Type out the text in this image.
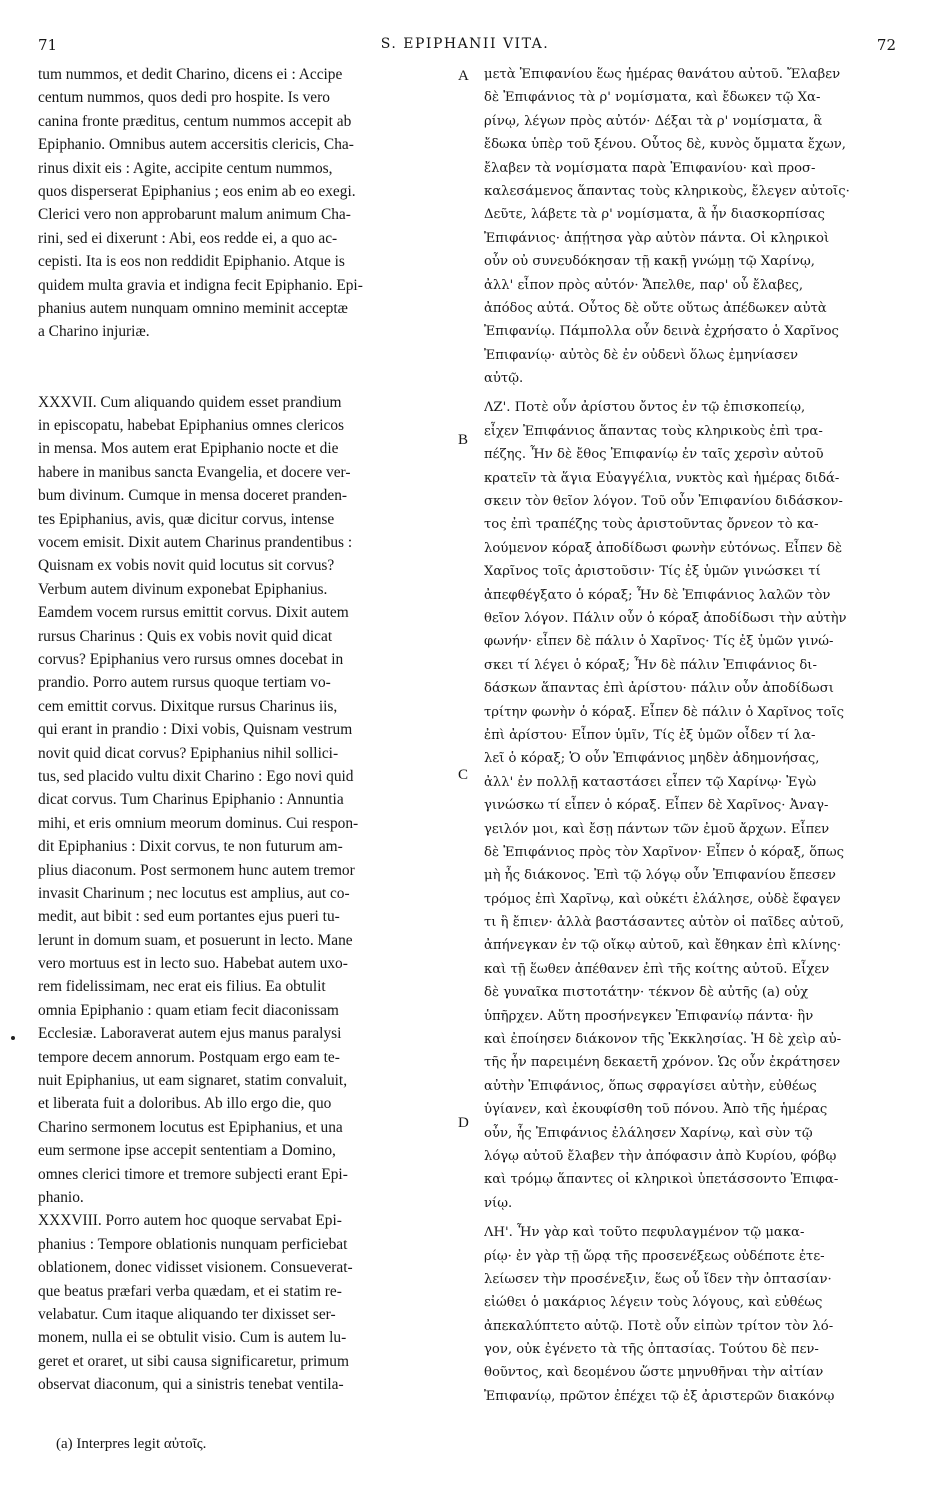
71	S. EPIPHANII VITA.	72
tum nummos, et dedit Charino, dicens ei : Accipe
centum nummos, quos dedi pro hospite. Is vero
canina fronte præditus, centum nummos accepit ab
Epiphanio. Omnibus autem accersitis clericis, Cha-
rinus dixit eis : Agite, accipite centum nummos,
quos disperserat Epiphanius ; eos enim ab eo exegi.
Clerici vero non approbarunt malum animum Cha-
rini, sed ei dixerunt : Abi, eos redde ei, a quo ac-
cepisti. Ita is eos non reddidit Epiphanio. Atque is
quidem multa gravia et indigna fecit Epiphanio. Epi-
phanius autem nunquam omnino meminit acceptæ
a Charino injuriæ.
XXXVII. Cum aliquando quidem esset prandium
in episcopatu, habebat Epiphanius omnes clericos
in mensa. Mos autem erat Epiphanio nocte et die
habere in manibus sancta Evangelia, et docere ver-
bum divinum. Cumque in mensa doceret pranden-
tes Epiphanius, avis, quæ dicitur corvus, intense
vocem emisit. Dixit autem Charinus prandentibus :
Quisnam ex vobis novit quid locutus sit corvus?
Verbum autem divinum exponebat Epiphanius.
Eamdem vocem rursus emittit corvus. Dixit autem
rursus Charinus : Quis ex vobis novit quid dicat
corvus? Epiphanius vero rursus omnes docebat in
prandio. Porro autem rursus quoque tertiam vo-
cem emittit corvus. Dixitque rursus Charinus iis,
qui erant in prandio : Dixi vobis, Quisnam vestrum
novit quid dicat corvus? Epiphanius nihil sollici-
tus, sed placido vultu dixit Charino : Ego novi quid
dicat corvus. Tum Charinus Epiphanio : Annuntia
mihi, et eris omnium meorum dominus. Cui respon-
dit Epiphanius : Dixit corvus, te non futurum am-
plius diaconum. Post sermonem hunc autem tremor
invasit Charinum ; nec locutus est amplius, aut co-
medit, aut bibit : sed eum portantes ejus pueri tu-
lerunt in domum suam, et posuerunt in lecto. Mane
vero mortuus est in lecto suo. Habebat autem uxo-
rem fidelissimam, nec erat eis filius. Ea obtulit
omnia Epiphanio : quam etiam fecit diaconissam
Ecclesiæ. Laboraverat autem ejus manus paralysi
tempore decem annorum. Postquam ergo eam te-
nuit Epiphanius, ut eam signaret, statim convaluit,
et liberata fuit a doloribus. Ab illo ergo die, quo
Charino sermonem locutus est Epiphanius, et una
eum sermone ipse accepit sententiam a Domino,
omnes clerici timore et tremore subjecti erant Epi-
phanio.
XXXVIII. Porro autem hoc quoque servabat Epi-
phanius : Tempore oblationis nunquam perficiebat
oblationem, donec vidisset visionem. Consueverat-
que beatus præfari verba quædam, et ei statim re-
velabatur. Cum itaque aliquando ter dixisset ser-
monem, nulla ei se obtulit visio. Cum is autem lu-
geret et oraret, ut sibi causa significaretur, primum
observat diaconum, qui a sinistris tenebat ventila-
μετὰ Ἐπιφανίου ἕως ἡμέρας θανάτου αὐτοῦ. Ἔλαβεν
δὲ Ἐπιφάνιος τὰ ρ' νομίσματα, καὶ ἔδωκεν τῷ Χα-
ρίνῳ, λέγων πρὸς αὐτόν· Δέξαι τὰ ρ' νομίσματα, ἃ
ἔδωκα ὑπὲρ τοῦ ξένου. Οὗτος δὲ, κυνὸς ὄμματα ἔχων,
ἔλαβεν τὰ νομίσματα παρὰ Ἐπιφανίου· καὶ προσ-
καλεσάμενος ἅπαντας τοὺς κληρικοὺς, ἔλεγεν αὐτοῖς·
Δεῦτε, λάβετε τὰ ρ' νομίσματα, ἃ ἦν διασκορπίσας
Ἐπιφάνιος· ἀπῄτησα γὰρ αὐτὸν πάντα. Οἱ κληρικοὶ
οὖν οὐ συνευδόκησαν τῇ κακῇ γνώμῃ τῷ Χαρίνῳ,
ἀλλ' εἶπον πρὸς αὐτόν· Ἄπελθε, παρ' οὗ ἔλαβες,
ἀπόδος αὐτά. Οὗτος δὲ οὔτε οὕτως ἀπέδωκεν αὐτὰ
Ἐπιφανίῳ. Πάμπολλα οὖν δεινὰ ἐχρήσατο ὁ Χαρῖνος
Ἐπιφανίῳ· αὐτὸς δὲ ἐν οὐδενὶ ὅλως ἐμηνίασεν
αὐτῷ.
ΛΖ'. Ποτὲ οὖν ἀρίστου ὄντος ἐν τῷ ἐπισκοπείῳ,
εἶχεν Ἐπιφάνιος ἅπαντας τοὺς κληρικοὺς ἐπὶ τρα-
πέζης. Ἦν δὲ ἔθος Ἐπιφανίῳ ἐν ταῖς χερσὶν αὐτοῦ
κρατεῖν τὰ ἅγια Εὐαγγέλια, νυκτὸς καὶ ἡμέρας διδά-
σκειν τὸν θεῖον λόγον. Τοῦ οὖν Ἐπιφανίου διδάσκον-
τος ἐπὶ τραπέζης τοὺς ἀριστοῦντας ὄρνεον τὸ κα-
λούμενον κόραξ ἀποδίδωσι φωνὴν εὐτόνως. Εἶπεν δὲ
Χαρῖνος τοῖς ἀριστοῦσιν· Τίς ἐξ ὑμῶν γινώσκει τί
ἀπεφθέγξατο ὁ κόραξ; Ἦν δὲ Ἐπιφάνιος λαλῶν τὸν
θεῖον λόγον. Πάλιν οὖν ὁ κόραξ ἀποδίδωσι τὴν αὐτὴν
φωνήν· εἶπεν δὲ πάλιν ὁ Χαρῖνος· Τίς ἐξ ὑμῶν γινώ-
σκει τί λέγει ὁ κόραξ; Ἦν δὲ πάλιν Ἐπιφάνιος δι-
δάσκων ἅπαντας ἐπὶ ἀρίστου· πάλιν οὖν ἀποδίδωσι
τρίτην φωνὴν ὁ κόραξ. Εἶπεν δὲ πάλιν ὁ Χαρῖνος τοῖς
ἐπὶ ἀρίστου· Εἶπον ὑμῖν, Τίς ἐξ ὑμῶν οἶδεν τί λα-
λεῖ ὁ κόραξ; Ὁ οὖν Ἐπιφάνιος μηδὲν ἀδημονήσας,
ἀλλ' ἐν πολλῇ καταστάσει εἶπεν τῷ Χαρίνῳ· Ἐγὼ
γινώσκω τί εἶπεν ὁ κόραξ. Εἶπεν δὲ Χαρῖνος· Ἀναγ-
γειλόν μοι, καὶ ἔσῃ πάντων τῶν ἐμοῦ ἄρχων. Εἶπεν
δὲ Ἐπιφάνιος πρὸς τὸν Χαρῖνον· Εἶπεν ὁ κόραξ, ὅπως
μὴ ἦς διάκονος. Ἐπὶ τῷ λόγῳ οὖν Ἐπιφανίου ἔπεσεν
τρόμος ἐπὶ Χαρῖνῳ, καὶ οὐκέτι ἐλάλησε, οὐδὲ ἔφαγεν
τι ἢ ἔπιεν· ἀλλὰ βαστάσαντες αὐτὸν οἱ παῖδες αὐτοῦ,
ἀπήνεγκαν ἐν τῷ οἴκῳ αὐτοῦ, καὶ ἔθηκαν ἐπὶ κλίνης·
καὶ τῇ ἕωθεν ἀπέθανεν ἐπὶ τῆς κοίτης αὐτοῦ. Εἶχεν
δὲ γυναῖκα πιστοτάτην· τέκνον δὲ αὐτῆς (a) οὐχ
ὑπῆρχεν. Αὕτη προσήνεγκεν Ἐπιφανίῳ πάντα· ἣν
καὶ ἐποίησεν διάκονον τῆς Ἐκκλησίας. Ἡ δὲ χεὶρ αὐ-
τῆς ἦν παρειμένη δεκαετῆ χρόνον. Ὡς οὖν ἐκράτησεν
αὐτὴν Ἐπιφάνιος, ὅπως σφραγίσει αὐτὴν, εὐθέως
ὑγίανεν, καὶ ἐκουφίσθη τοῦ πόνου. Ἀπὸ τῆς ἡμέρας
οὖν, ἧς Ἐπιφάνιος ἐλάλησεν Χαρίνῳ, καὶ σὺν τῷ
λόγῳ αὐτοῦ ἔλαβεν τὴν ἀπόφασιν ἀπὸ Κυρίου, φόβῳ
καὶ τρόμῳ ἅπαντες οἱ κληρικοὶ ὑπετάσσοντο Ἐπιφα-
νίῳ.
ΛΗ'. Ἦν γὰρ καὶ τοῦτο πεφυλαγμένον τῷ μακα-
ρίῳ· ἐν γὰρ τῇ ὥρᾳ τῆς προσενέξεως οὐδέποτε ἐτε-
λείωσεν τὴν προσένεξιν, ἕως οὗ ἴδεν τὴν ὀπτασίαν·
εἰώθει ὁ μακάριος λέγειν τοὺς λόγους, καὶ εὐθέως
ἀπεκαλύπτετο αὐτῷ. Ποτὲ οὖν εἰπὼν τρίτον τὸν λό-
γον, οὐκ ἐγένετο τὰ τῆς ὀπτασίας. Τούτου δὲ πεν-
θοῦντος, καὶ δεομένου ὥστε μηνυθῆναι τὴν αἰτίαν
Ἐπιφανίῳ, πρῶτον ἐπέχει τῷ ἐξ ἀριστερῶν διακόνῳ
A
B
C
D
(a) Interpres legit αὐτοῖς.
